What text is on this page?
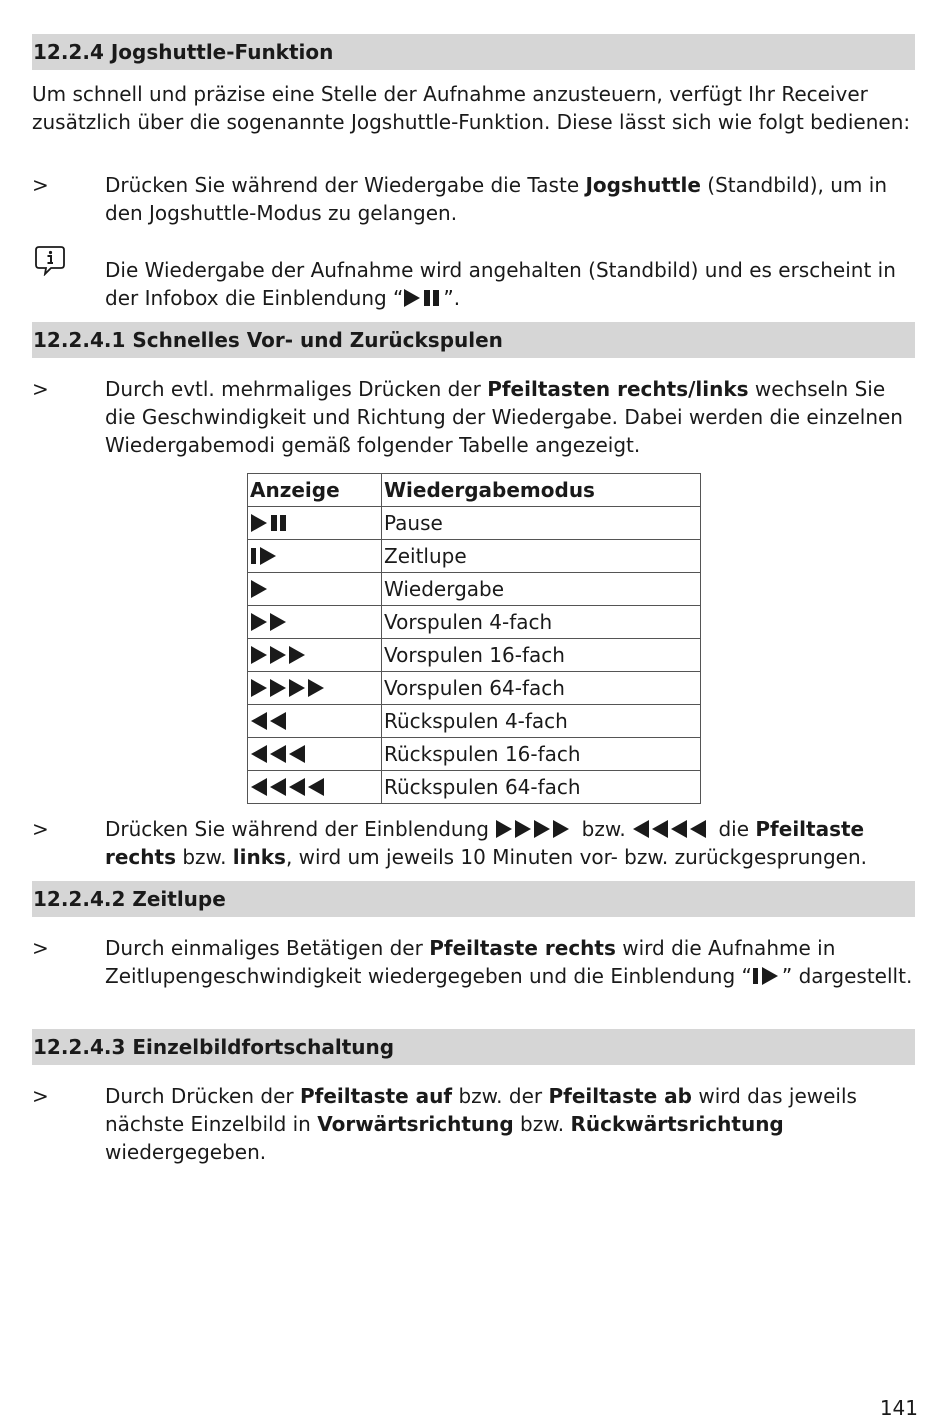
12.2.4 Jogshuttle-Funktion
Um schnell und präzise eine Stelle der Aufnahme anzusteuern, verfügt Ihr Receiver zusätzlich über die sogenannte Jogshuttle-Funktion. Diese lässt sich wie folgt bedienen:
>	Drücken Sie während der Wiedergabe die Taste Jogshuttle (Standbild), um in den Jogshuttle-Modus zu gelangen.
Die Wiedergabe der Aufnahme wird angehalten (Standbild) und es erscheint in der Infobox die Einblendung “ ”.
12.2.4.1 Schnelles Vor- und Zurückspulen
>	Durch evtl. mehrmaliges Drücken der Pfeiltasten rechts/links wechseln Sie die Geschwindigkeit und Richtung der Wiedergabe. Dabei werden die einzelnen Wiedergabemodi gemäß folgender Tabelle angezeigt.
Anzeige	Wiedergabemodus
	Pause
	Zeitlupe
	Wiedergabe
	Vorspulen 4-fach
	Vorspulen 16-fach
	Vorspulen 64-fach
	Rückspulen 4-fach
	Rückspulen 16-fach
	Rückspulen 64-fach
>	Drücken Sie während der Einblendung	bzw.	die Pfeiltaste rechts bzw. links, wird um jeweils 10 Minuten vor- bzw. zurückgesprungen.
12.2.4.2 Zeitlupe
>	Durch einmaliges Betätigen der Pfeiltaste rechts wird die Aufnahme in Zeitlupengeschwindigkeit wiedergegeben und die Einblendung “ ” dargestellt.
12.2.4.3 Einzelbildfortschaltung
>	Durch Drücken der Pfeiltaste auf bzw. der Pfeiltaste ab wird das jeweils nächste Einzelbild in Vorwärtsrichtung bzw. Rückwärtsrichtung wiedergegeben.
141
